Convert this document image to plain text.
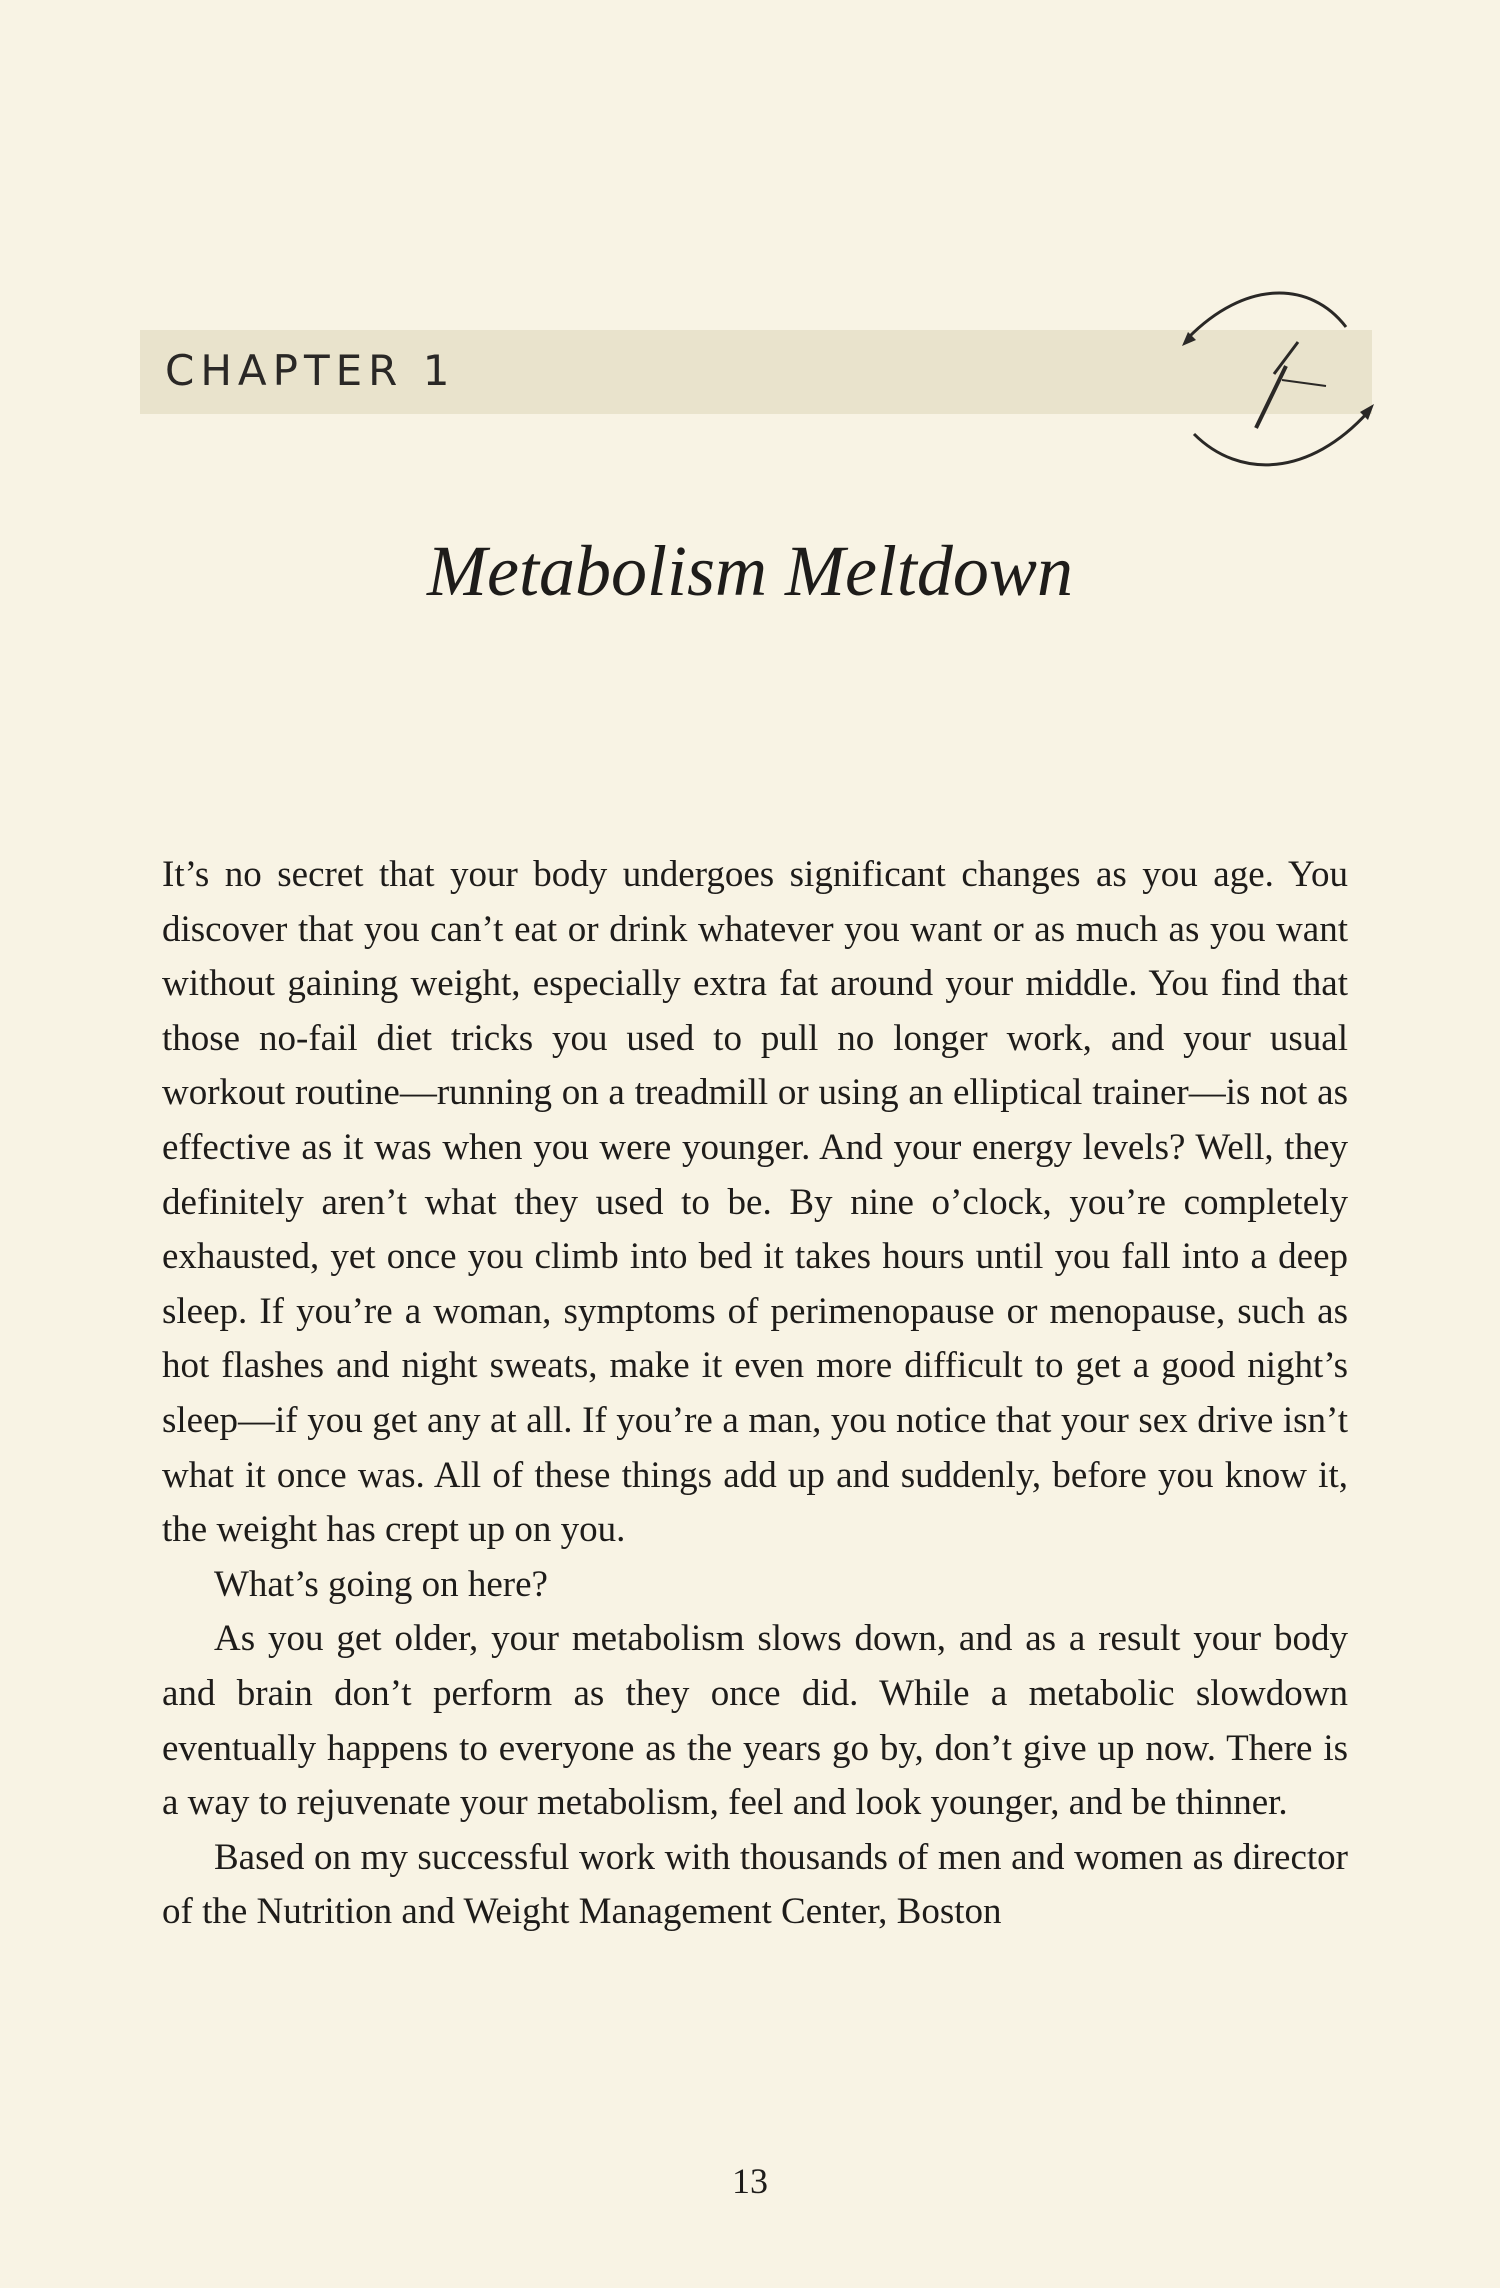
CHAPTER 1
Metabolism Meltdown

It’s no secret that your body undergoes significant changes as you age. You discover that you can’t eat or drink whatever you want or as much as you want without gaining weight, especially extra fat around your middle. You find that those no-fail diet tricks you used to pull no longer work, and your usual workout routine—running on a treadmill or using an elliptical trainer—is not as effective as it was when you were younger. And your energy levels? Well, they definitely aren’t what they used to be. By nine o’clock, you’re completely exhausted, yet once you climb into bed it takes hours until you fall into a deep sleep. If you’re a woman, symptoms of perimenopause or menopause, such as hot flashes and night sweats, make it even more difficult to get a good night’s sleep—if you get any at all. If you’re a man, you notice that your sex drive isn’t what it once was. All of these things add up and suddenly, before you know it, the weight has crept up on you.

What’s going on here?

As you get older, your metabolism slows down, and as a result your body and brain don’t perform as they once did. While a metabolic slowdown eventually happens to everyone as the years go by, don’t give up now. There is a way to rejuvenate your metabolism, feel and look younger, and be thinner.

Based on my successful work with thousands of men and women as director of the Nutrition and Weight Management Center, Boston

13
